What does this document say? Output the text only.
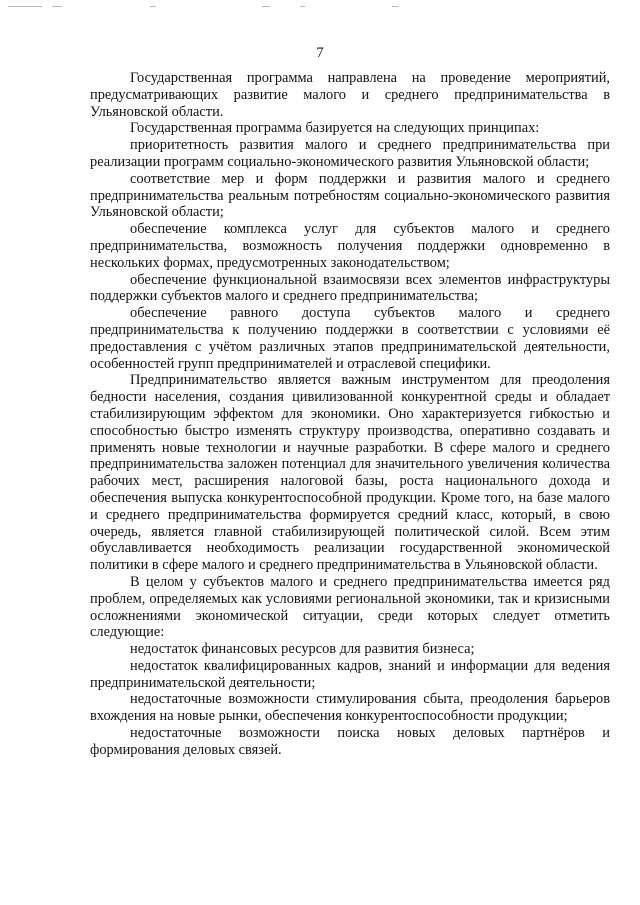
7

Государственная программа направлена на проведение мероприятий, предусматривающих развитие малого и среднего предпринимательства в Ульяновской области.

Государственная программа базируется на следующих принципах:

приоритетность развития малого и среднего предпринимательства при реализации программ социально-экономического развития Ульяновской области;

соответствие мер и форм поддержки и развития малого и среднего предпринимательства реальным потребностям социально-экономического развития Ульяновской области;

обеспечение комплекса услуг для субъектов малого и среднего предпринимательства, возможность получения поддержки одновременно в нескольких формах, предусмотренных законодательством;

обеспечение функциональной взаимосвязи всех элементов инфраструктуры поддержки субъектов малого и среднего предпринимательства;

обеспечение равного доступа субъектов малого и среднего предпринимательства к получению поддержки в соответствии с условиями её предоставления с учётом различных этапов предпринимательской деятельности, особенностей групп предпринимателей и отраслевой специфики.

Предпринимательство является важным инструментом для преодоления бедности населения, создания цивилизованной конкурентной среды и обладает стабилизирующим эффектом для экономики. Оно характеризуется гибкостью и способностью быстро изменять структуру производства, оперативно создавать и применять новые технологии и научные разработки. В сфере малого и среднего предпринимательства заложен потенциал для значительного увеличения количества рабочих мест, расширения налоговой базы, роста национального дохода и обеспечения выпуска конкурентоспособной продукции. Кроме того, на базе малого и среднего предпринимательства формируется средний класс, который, в свою очередь, является главной стабилизирующей политической силой. Всем этим обуславливается необходимость реализации государственной экономической политики в сфере малого и среднего предпринимательства в Ульяновской области.

В целом у субъектов малого и среднего предпринимательства имеется ряд проблем, определяемых как условиями региональной экономики, так и кризисными осложнениями экономической ситуации, среди которых следует отметить следующие:

недостаток финансовых ресурсов для развития бизнеса;

недостаток квалифицированных кадров, знаний и информации для ведения предпринимательской деятельности;

недостаточные возможности стимулирования сбыта, преодоления барьеров вхождения на новые рынки, обеспечения конкурентоспособности продукции;

недостаточные возможности поиска новых деловых партнёров и формирования деловых связей.
